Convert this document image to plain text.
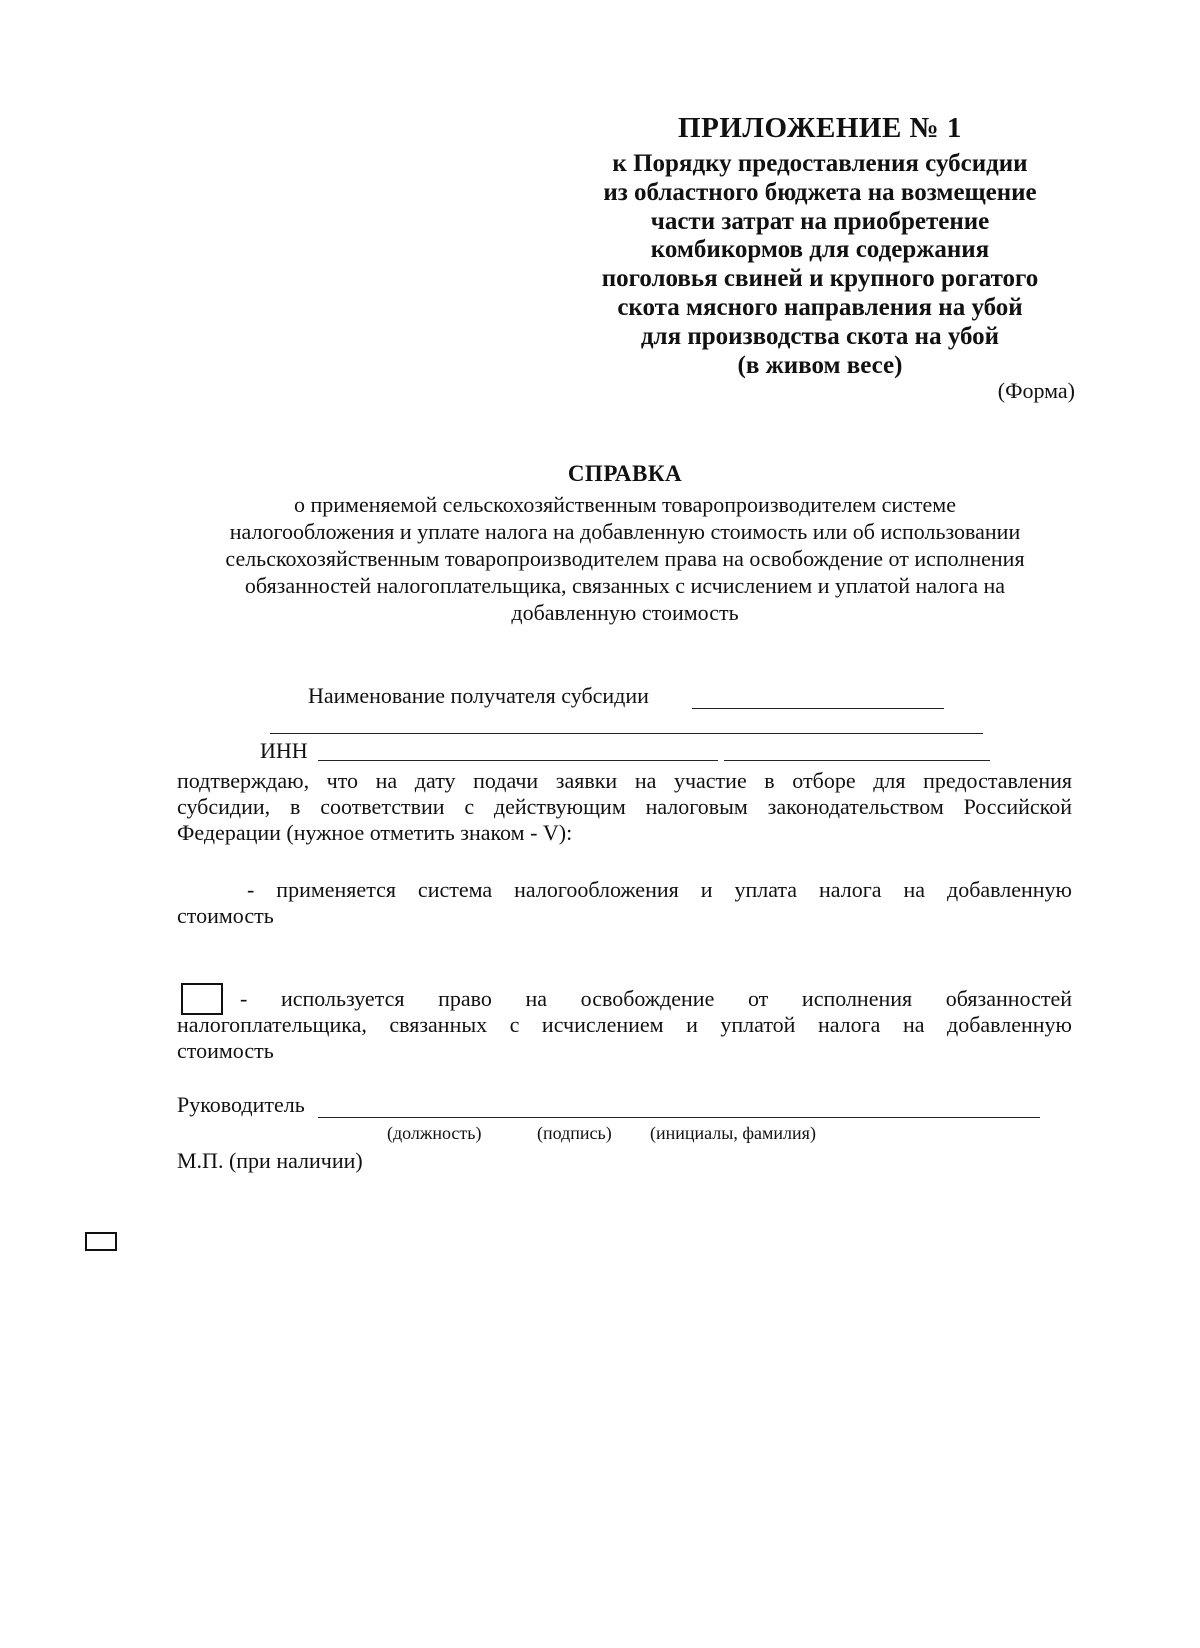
ПРИЛОЖЕНИЕ № 1
к Порядку предоставления субсидии
из областного бюджета на возмещение
части затрат на приобретение
комбикормов для содержания
поголовья свиней и крупного рогатого
скота мясного направления на убой
для производства скота на убой
(в живом весе)
(Форма)
СПРАВКА
о применяемой сельскохозяйственным товаропроизводителем системе
налогообложения и уплате налога на добавленную стоимость или об использовании
сельскохозяйственным товаропроизводителем права на освобождение от исполнения
обязанностей налогоплательщика, связанных с исчислением и уплатой налога на
добавленную стоимость
Наименование получателя субсидии
ИНН
подтверждаю, что на дату подачи заявки на участие в отборе для предоставления
субсидии, в соответствии с действующим налоговым законодательством Российской
Федерации (нужное отметить знаком - V):
- применяется система налогообложения и уплата налога на добавленную
стоимость
- используется право на освобождение от исполнения обязанностей
налогоплательщика, связанных с исчислением и уплатой налога на добавленную
стоимость
Руководитель
(должность)	(подпись) (инициалы, фамилия)
М.П. (при наличии)
